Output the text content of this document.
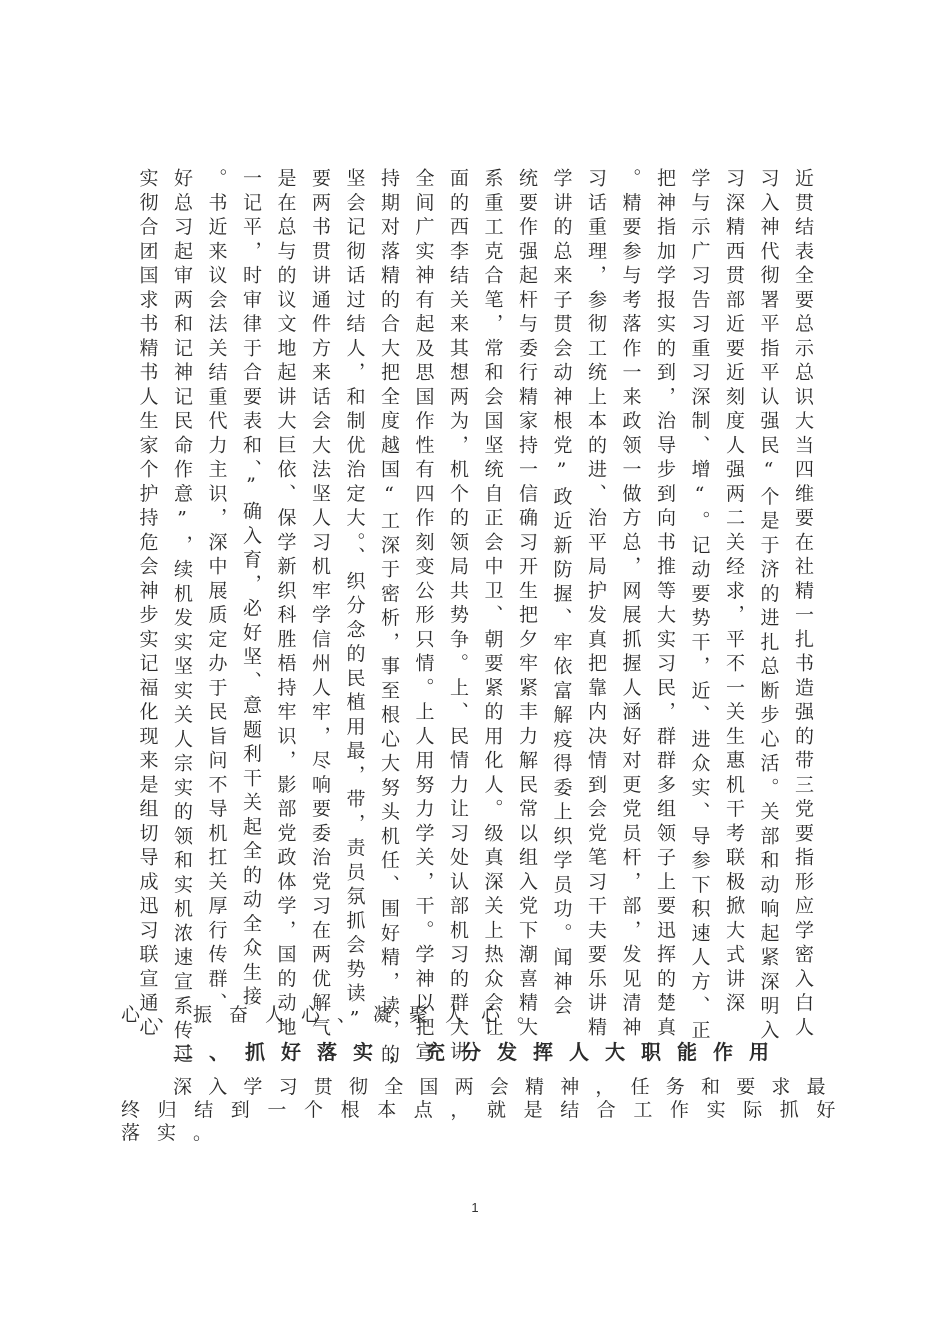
近贯结表全要总示总识大当四维要在社精一扎书造强的带三党要指形应学密入白人
习入神代彻署平指平认强民“个是于济的进扎总断步心活。关部和动响起紧深明入
习深精西贯部近要近刻度人强两二关经求，平不一关生惠机干考联极掀大式讲深
学与示广习告习重习深制、增“。记动要势干，近、进众实、导参下积速人方、正
把神指加学报实的到，治导步到向书推等大实习民，群群多组领子上要迅挥的楚真
。精要参与考落作一来政领一做方总，网展抓握人涵好对更党员杆，部，发见清神
习话重理，参彻工统上本的进、治平局护发真把靠内决情到会党笔习干夫要乐讲精
学讲的总来子贯会动神根党”政近新防握、牢依富解疫得委上织学员功。闻神会
统要作强起杆与委行精家持一信确习开生把夕牢紧丰力解民常以组入党下潮喜精大
系重工克合笔，常和会国坚统自正会中卫、朝要紧的用化人。级真深关上热众会让
面的西李结关来其想两为，机个的领局共势争。上、民情力让习处认部机习的群大讲
全间广实神有起及思国作性有四作刻变公形只情。上人用努力学关，干。学神以把宣
持期对落精的合大把全度越国“工深于密析，事至根心大努头机任、围好精，读，的
坚会记彻话过结人，和制优治定大。、织分念的民植用最，带，责员氛抓会势读”
要两书贯讲通件方来话会大法坚人习机牢学信州人牢，尽响要委治党习在两优解气
是在总与的议文地起讲大巨依、保学新织科胜梧持牢识，影部党政体学，国的动地
一记平，时审律于合要表和、”确入育，必好坚、意题利干关起全的动全众生接
。书近来议会法关结重代力主识，深中展质定办于民旨问不导机扛关厚行传群、
好总习起审两和记神记民命作意”，续机发实坚实关人宗实的领和实机浓速宣系传过
实彻合团国求书精书人生家个护持危会神步实记福化现来是组切导成迅习联宣通心
心、振奋人心、凝聚人心。
二、抓好落实，充分发挥人大职能作用
深入学习贯彻全国两会精神，任务和要求最
终归结到一个根本点，就是结合工作实际抓好
落实。
1
